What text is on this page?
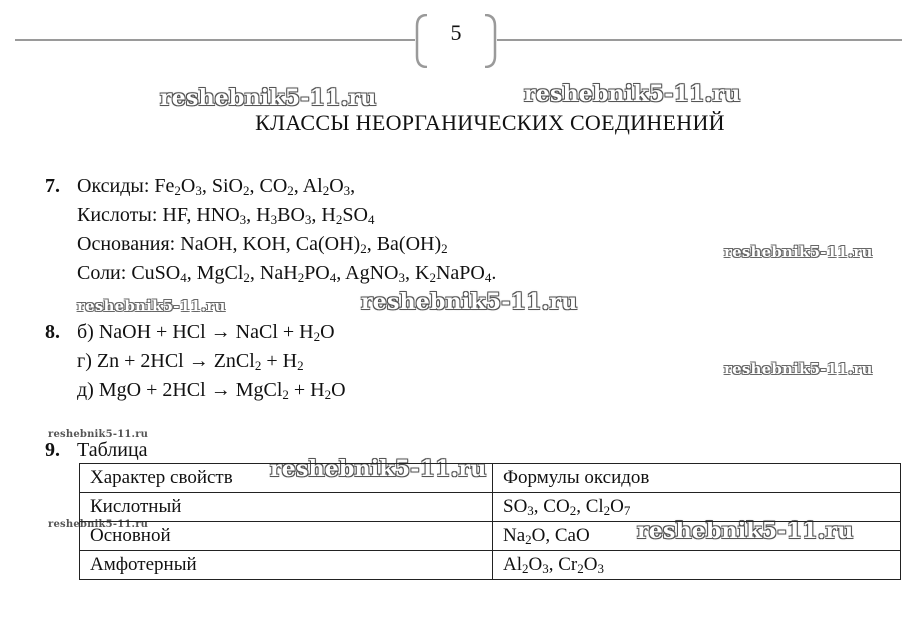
5
reshebnik5-11.ru	reshebnik5-11.ru
reshebnik5-11.ru
reshebnik5-11.ru	reshebnik5-11.ru
reshebnik5-11.ru
reshebnik5-11.ru
reshebnik5-11.ru
reshebnik5-11.ru	reshebnik5-11.ru
КЛАССЫ НЕОРГАНИЧЕСКИХ СОЕДИНЕНИЙ
7. Оксиды: $Fe_2O_3$, SiO$_2$, $CO_2$, $Al_2O_3$,
Кислоты: HF, $HNO_3$, $H_3BO_3$, $H_2SO_4$
Основания: NaOH, KOH, $Ca(OH)_2$, $Ba(OH)_2$
Соли: CuSO$_4$, MgCl$_2$, $NaH_2PO_4$, AgNO$_3$, $K_2NaPO_4$.
8. б) NaOH + HCl → NaCl + $H_2O$
г) Zn + 2HCl → ZnCl$_2$ + $H_2$
д) MgO + 2HCl → MgCl$_2$ + $H_2O$
9. Таблица
Характер свойств	Формулы оксидов
Кислотный	$SO_3$, $CO_2$, $Cl_2O_7$
Основной	$Na_2O$, CaO
Амфотерный	$Al_2O_3$, $Cr_2O_3$
